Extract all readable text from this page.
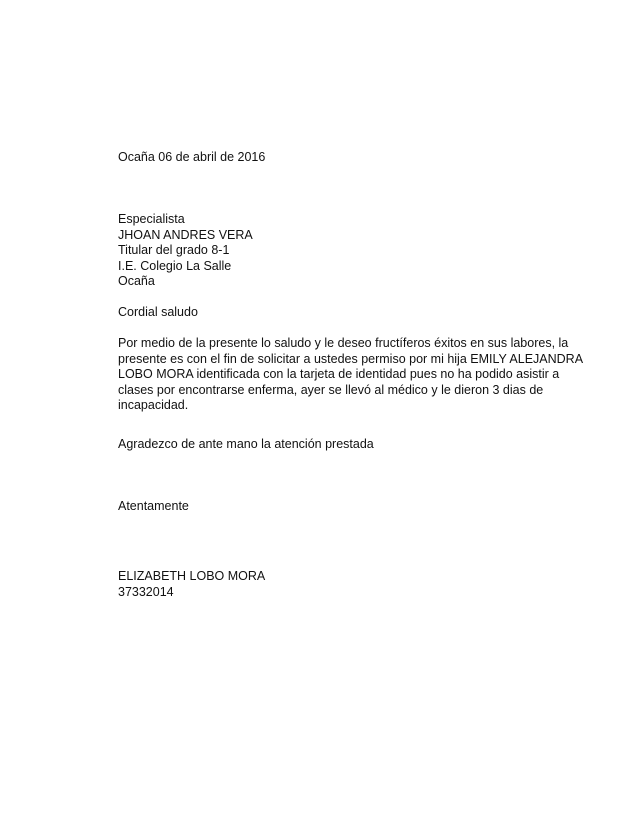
Ocaña 06 de abril de 2016
Especialista
JHOAN ANDRES VERA
Titular del grado 8-1
I.E. Colegio La Salle
Ocaña
Cordial saludo
Por medio de la presente lo saludo y le deseo fructíferos éxitos en sus labores, la
presente es con el fin de solicitar a ustedes permiso por mi hija EMILY ALEJANDRA
LOBO MORA identificada con la tarjeta de identidad pues no ha podido asistir a
clases por encontrarse enferma, ayer se llevó al médico y le dieron 3 dias de
incapacidad.
Agradezco de ante mano la atención prestada
Atentamente
ELIZABETH LOBO MORA
37332014
